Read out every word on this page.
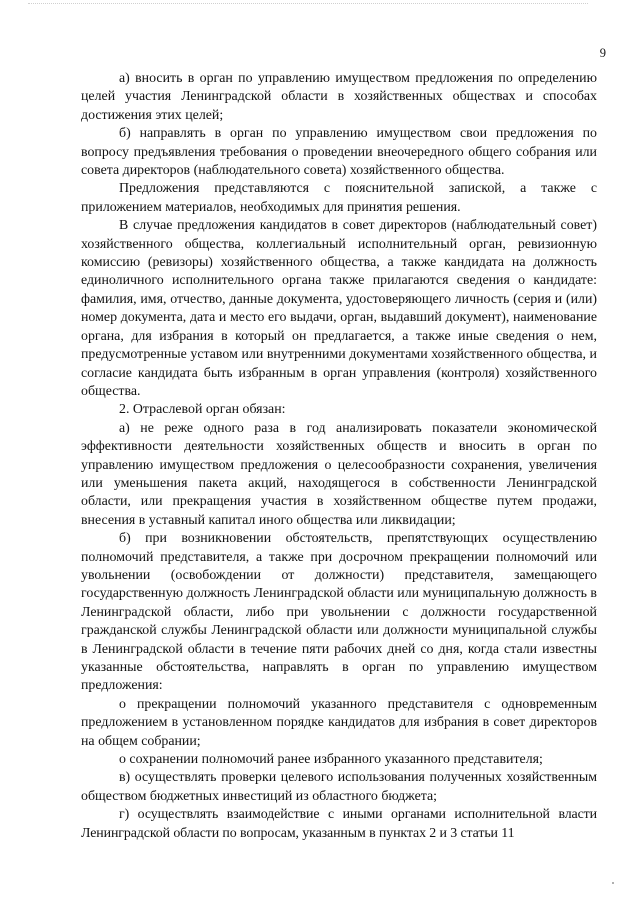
9

а) вносить в орган по управлению имуществом предложения по определению целей участия Ленинградской области в хозяйственных обществах и способах достижения этих целей;

б) направлять в орган по управлению имуществом свои предложения по вопросу предъявления требования о проведении внеочередного общего собрания или совета директоров (наблюдательного совета) хозяйственного общества.

Предложения представляются с пояснительной запиской, а также с приложением материалов, необходимых для принятия решения.

В случае предложения кандидатов в совет директоров (наблюдательный совет) хозяйственного общества, коллегиальный исполнительный орган, ревизионную комиссию (ревизоры) хозяйственного общества, а также кандидата на должность единоличного исполнительного органа также прилагаются сведения о кандидате: фамилия, имя, отчество, данные документа, удостоверяющего личность (серия и (или) номер документа, дата и место его выдачи, орган, выдавший документ), наименование органа, для избрания в который он предлагается, а также иные сведения о нем, предусмотренные уставом или внутренними документами хозяйственного общества, и согласие кандидата быть избранным в орган управления (контроля) хозяйственного общества.

2. Отраслевой орган обязан:

а) не реже одного раза в год анализировать показатели экономической эффективности деятельности хозяйственных обществ и вносить в орган по управлению имуществом предложения о целесообразности сохранения, увеличения или уменьшения пакета акций, находящегося в собственности Ленинградской области, или прекращения участия в хозяйственном обществе путем продажи, внесения в уставный капитал иного общества или ликвидации;

б) при возникновении обстоятельств, препятствующих осуществлению полномочий представителя, а также при досрочном прекращении полномочий или увольнении (освобождении от должности) представителя, замещающего государственную должность Ленинградской области или муниципальную должность в Ленинградской области, либо при увольнении с должности государственной гражданской службы Ленинградской области или должности муниципальной службы в Ленинградской области в течение пяти рабочих дней со дня, когда стали известны указанные обстоятельства, направлять в орган по управлению имуществом предложения:

о прекращении полномочий указанного представителя с одновременным предложением в установленном порядке кандидатов для избрания в совет директоров на общем собрании;

о сохранении полномочий ранее избранного указанного представителя;

в) осуществлять проверки целевого использования полученных хозяйственным обществом бюджетных инвестиций из областного бюджета;

г) осуществлять взаимодействие с иными органами исполнительной власти Ленинградской области по вопросам, указанным в пунктах 2 и 3 статьи 11
